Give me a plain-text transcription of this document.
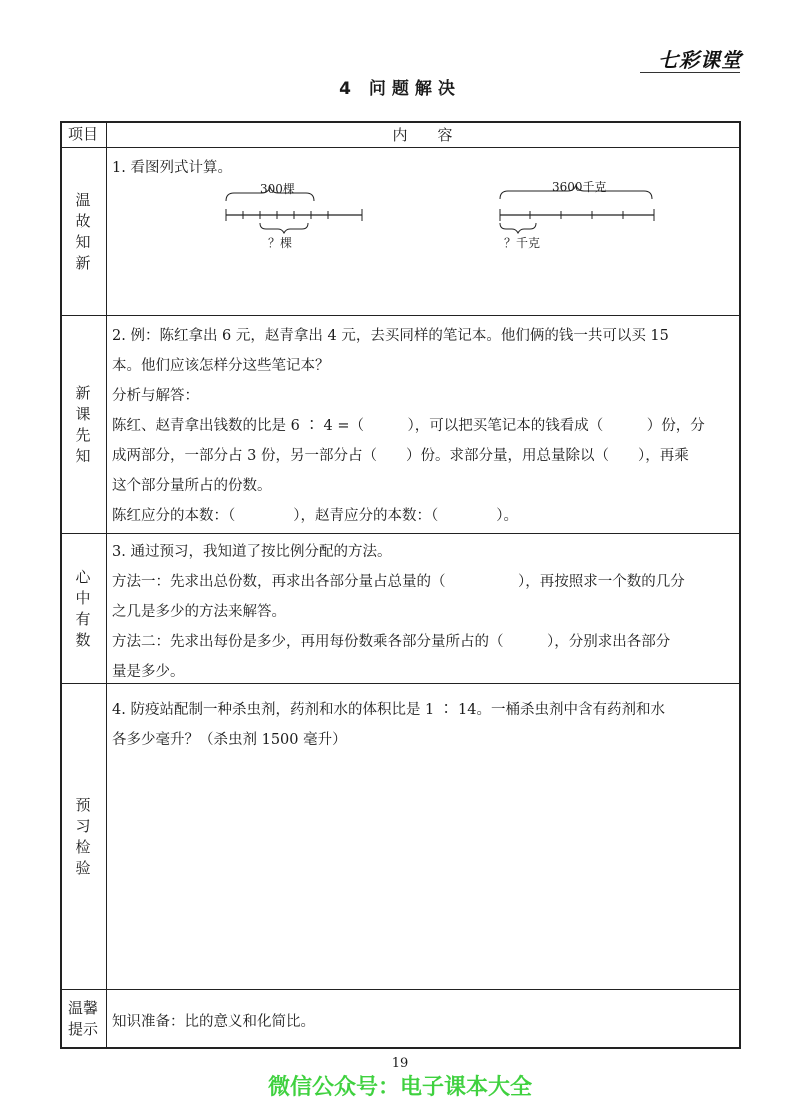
七彩课堂
4 问题解决
项目	内　　容
温故知新

1. 看图列式计算。

300棵
？棵
3600千克
？千克
新课先知

2. 例：陈红拿出 6 元，赵青拿出 4 元，去买同样的笔记本。他们俩的钱一共可以买 15

本。他们应该怎样分这些笔记本？

分析与解答：

陈红、赵青拿出钱数的比是 6 ∶ 4 =（　　　），可以把买笔记本的钱看成（　　　）份，分

成两部分，一部分占 3 份，另一部分占（　　）份。求部分量，用总量除以（　　），再乘

这个部分量所占的份数。

陈红应分的本数：（　　　　），赵青应分的本数：（　　　　）。

心中有数

3. 通过预习，我知道了按比例分配的方法。

方法一：先求出总份数，再求出各部分量占总量的（　　　　　），再按照求一个数的几分

之几是多少的方法来解答。

方法二：先求出每份是多少，再用每份数乘各部分量所占的（　　　），分别求出各部分

量是多少。

预习检验

4. 防疫站配制一种杀虫剂，药剂和水的体积比是 1 ∶ 14。一桶杀虫剂中含有药剂和水

各多少毫升？（杀虫剂 1500 毫升）

温馨提示 知识准备：比的意义和化简比。

19
微信公众号：电子课本大全
